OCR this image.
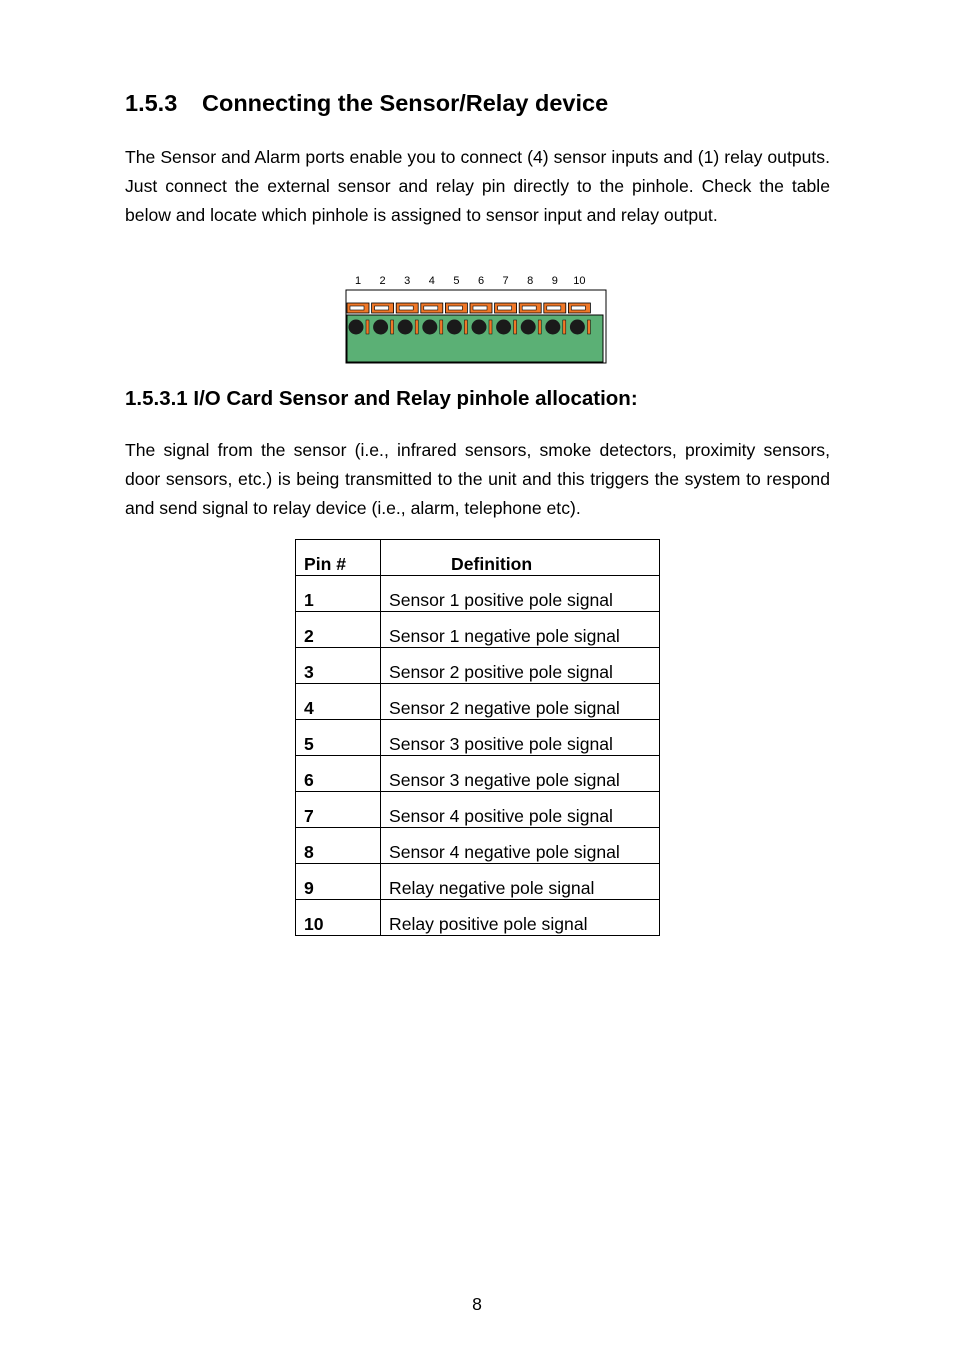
1.5.3 Connecting the Sensor/Relay device

The Sensor and Alarm ports enable you to connect (4) sensor inputs and (1) relay outputs. Just connect the external sensor and relay pin directly to the pinhole. Check the table below and locate which pinhole is assigned to sensor input and relay output.

1 2 3 4 5 6 7 8 9 10
1.5.3.1 I/O Card Sensor and Relay pinhole allocation:

The signal from the sensor (i.e., infrared sensors, smoke detectors, proximity sensors, door sensors, etc.) is being transmitted to the unit and this triggers the system to respond and send signal to relay device (i.e., alarm, telephone etc).

Pin #	Definition
1	Sensor 1 positive pole signal
2	Sensor 1 negative pole signal
3	Sensor 2 positive pole signal
4	Sensor 2 negative pole signal
5	Sensor 3 positive pole signal
6	Sensor 3 negative pole signal
7	Sensor 4 positive pole signal
8	Sensor 4 negative pole signal
9	Relay negative pole signal
10	Relay positive pole signal
8
